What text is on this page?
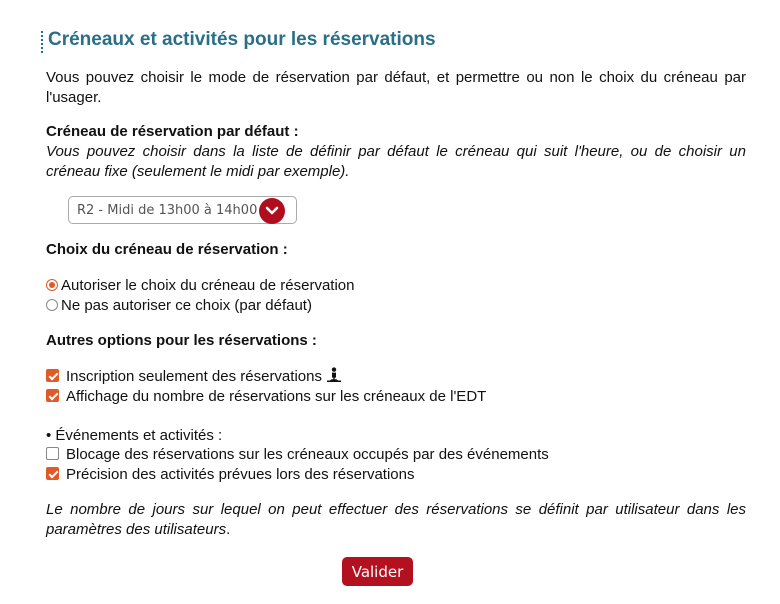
Créneaux et activités pour les réservations

Vous pouvez choisir le mode de réservation par défaut, et permettre ou non le choix du créneau par l'usager.

Créneau de réservation par défaut :

Vous pouvez choisir dans la liste de définir par défaut le créneau qui suit l'heure, ou de choisir un créneau fixe (seulement le midi par exemple).

R2 - Midi de 13h00 à 14h00

Choix du créneau de réservation :

Autoriser le choix du créneau de réservation
Ne pas autoriser ce choix (par défaut)

Autres options pour les réservations :

Inscription seulement des réservations
Affichage du nombre de réservations sur les créneaux de l'EDT
• Événements et activités :
Blocage des réservations sur les créneaux occupés par des événements
Précision des activités prévues lors des réservations

Le nombre de jours sur lequel on peut effectuer des réservations se définit par utilisateur dans les paramètres des utilisateurs.

Valider
